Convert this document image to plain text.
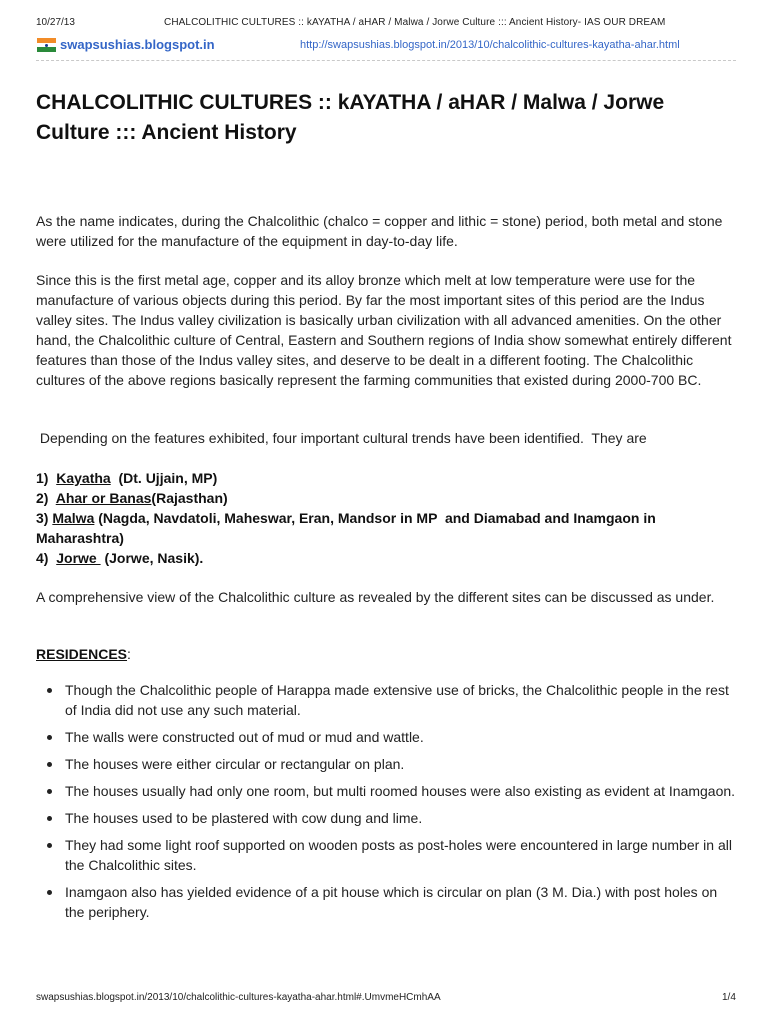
10/27/13	CHALCOLITHIC CULTURES :: kAYATHA / aHAR / Malwa / Jorwe Culture ::: Ancient History- IAS OUR DREAM
swapsushias.blogspot.in	http://swapsushias.blogspot.in/2013/10/chalcolithic-cultures-kayatha-ahar.html
CHALCOLITHIC CULTURES :: kAYATHA / aHAR / Malwa / Jorwe Culture ::: Ancient History

As the name indicates, during the Chalcolithic (chalco = copper and lithic = stone) period, both metal and stone were utilized for the manufacture of the equipment in day-to-day life.

Since this is the first metal age, copper and its alloy bronze which melt at low temperature were use for the manufacture of various objects during this period. By far the most important sites of this period are the Indus valley sites. The Indus valley civilization is basically urban civilization with all advanced amenities. On the other hand, the Chalcolithic culture of Central, Eastern and Southern regions of India show somewhat entirely different features than those of the Indus valley sites, and deserve to be dealt in a different footing. The Chalcolithic cultures of the above regions basically represent the farming communities that existed during 2000-700 BC.

Depending on the features exhibited, four important cultural trends have been identified.  They are

1)  Kayatha  (Dt. Ujjain, MP)
2)  Ahar or Banas(Rajasthan)
3) Malwa (Nagda, Navdatoli, Maheswar, Eran, Mandsor in MP  and Diamabad and Inamgaon in Maharashtra)
4)  Jorwe  (Jorwe, Nasik).

A comprehensive view of the Chalcolithic culture as revealed by the different sites can be discussed as under.

RESIDENCES:
Though the Chalcolithic people of Harappa made extensive use of bricks, the Chalcolithic people in the rest of India did not use any such material.
The walls were constructed out of mud or mud and wattle.
The houses were either circular or rectangular on plan.
The houses usually had only one room, but multi roomed houses were also existing as evident at Inamgaon.
The houses used to be plastered with cow dung and lime.
They had some light roof supported on wooden posts as post-holes were encountered in large number in all the Chalcolithic sites.
Inamgaon also has yielded evidence of a pit house which is circular on plan (3 M. Dia.) with post holes on the periphery.
swapsushias.blogspot.in/2013/10/chalcolithic-cultures-kayatha-ahar.html#.UmvmeHCmhAA	1/4
